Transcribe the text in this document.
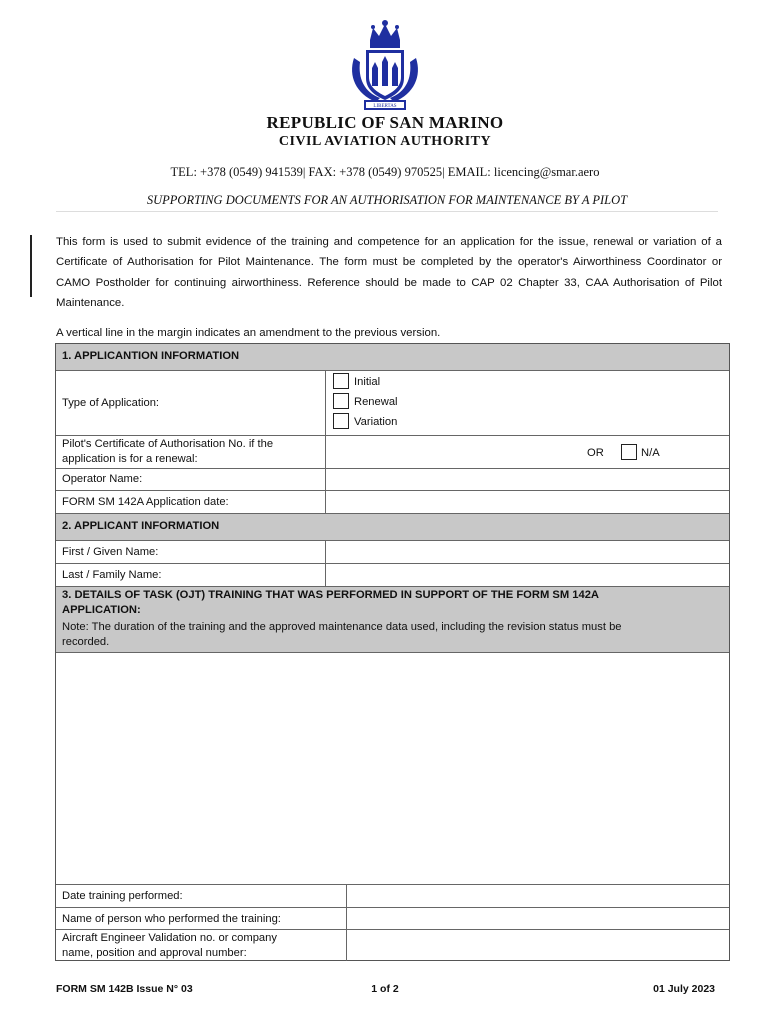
LIBERTAS
REPUBLIC OF SAN MARINO
CIVIL AVIATION AUTHORITY
TEL: +378 (0549) 941539| FAX: +378 (0549) 970525| EMAIL: licencing@smar.aero
SUPPORTING DOCUMENTS FOR AN AUTHORISATION FOR MAINTENANCE BY A PILOT
This form is used to submit evidence of the training and competence for an application for the issue, renewal or variation of a Certificate of Authorisation for Pilot Maintenance. The form must be completed by the operator's Airworthiness Coordinator or CAMO Postholder for continuing airworthiness. Reference should be made to CAP 02 Chapter 33, CAA Authorisation of Pilot Maintenance.
A vertical line in the margin indicates an amendment to the previous version.
1. APPLICANTION INFORMATION
Type of Application:
Initial
Renewal
Variation
Pilot's Certificate of Authorisation No. if the
application is for a renewal:	OR	N/A
Operator Name:
FORM SM 142A Application date:
2. APPLICANT INFORMATION
First / Given Name:
Last / Family Name:
3. DETAILS OF TASK (OJT) TRAINING THAT WAS PERFORMED IN SUPPORT OF THE FORM SM 142A
APPLICATION:
Note: The duration of the training and the approved maintenance data used, including the revision status must be
recorded.
Date training performed:
Name of person who performed the training:
Aircraft Engineer Validation no. or company
name, position and approval number:
FORM SM 142B Issue N° 03	1 of 2	01 July 2023
